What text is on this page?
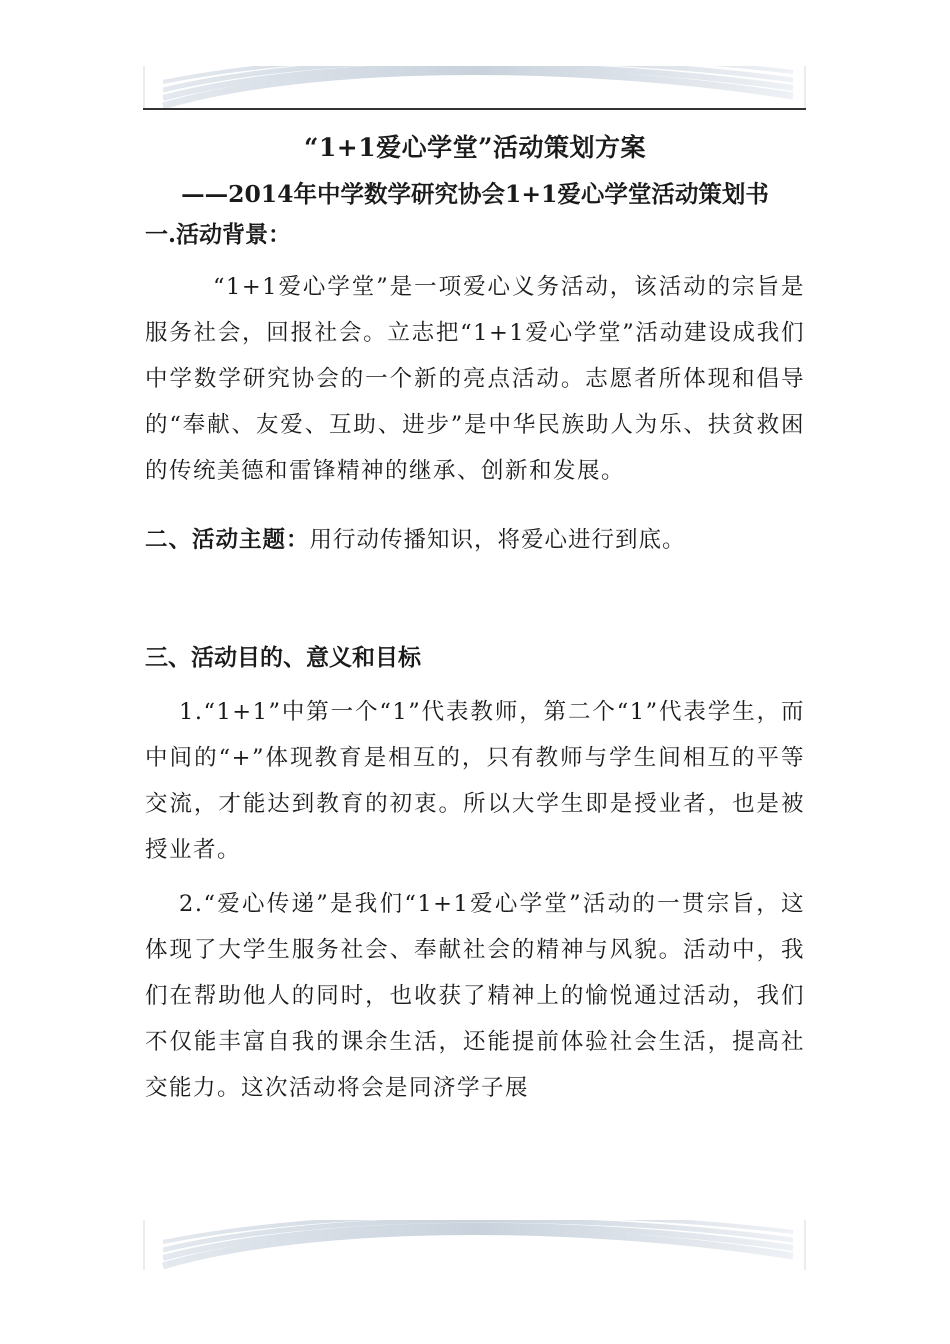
“1+1爱心学堂”活动策划方案
——2014年中学数学研究协会1+1爱心学堂活动策划书
一.活动背景：

“1+1爱心学堂”是一项爱心义务活动，该活动的宗旨是服务社会，回报社会。立志把“1+1爱心学堂”活动建设成我们中学数学研究协会的一个新的亮点活动。志愿者所体现和倡导的“奉献、友爱、互助、进步”是中华民族助人为乐、扶贫救困的传统美德和雷锋精神的继承、创新和发展。

二、活动主题：用行动传播知识，将爱心进行到底。

三、活动目的、意义和目标

1.“1+1”中第一个“1”代表教师，第二个“1”代表学生，而中间的“+”体现教育是相互的，只有教师与学生间相互的平等交流，才能达到教育的初衷。所以大学生即是授业者，也是被授业者。

2.“爱心传递”是我们“1+1爱心学堂”活动的一贯宗旨，这体现了大学生服务社会、奉献社会的精神与风貌。活动中，我们在帮助他人的同时，也收获了精神上的愉悦通过活动，我们不仅能丰富自我的课余生活，还能提前体验社会生活，提高社交能力。这次活动将会是同济学子展
